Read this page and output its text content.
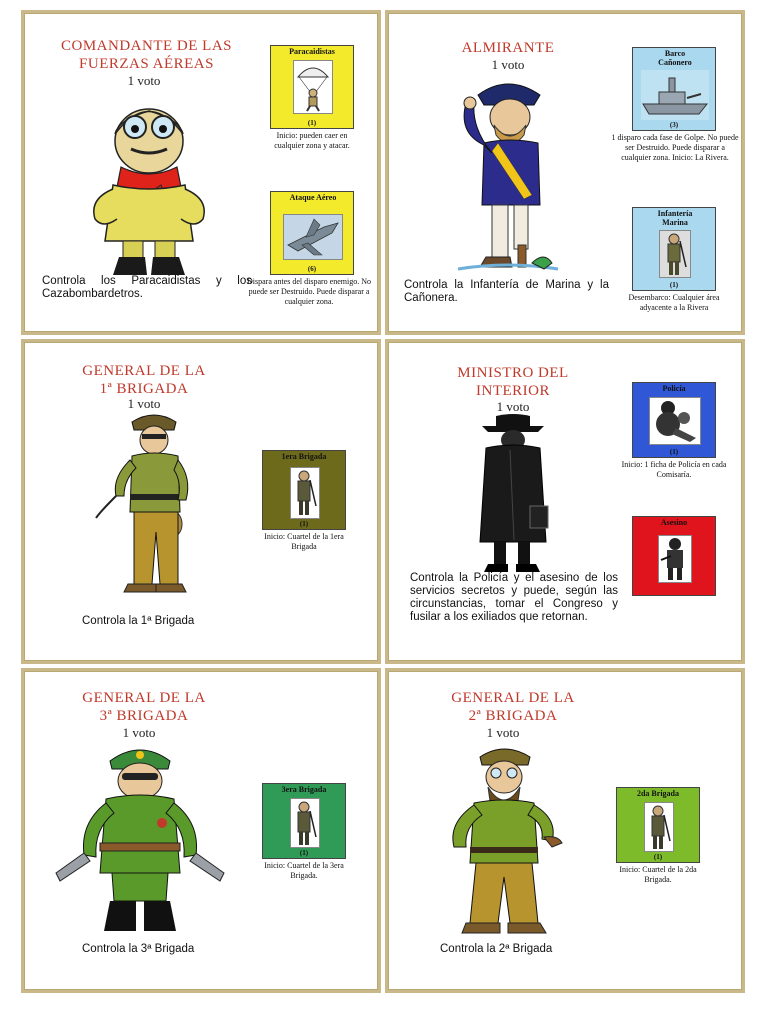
COMANDANTE DE LAS
FUERZAS AÉREAS
1 voto
Controla los Paracaidistas y los Cazabombardetros.
Paracaidistas
(1)
Inicio: pueden caer en cualquier zona y atacar.
Ataque Aéreo
(6)
Dispara antes del disparo enemigo. No puede ser Destruido. Puede disparar a cualquier zona.
ALMIRANTE
1 voto
Controla la Infantería de Marina y la Cañonera.
Barco Cañonero
(3)
1 disparo cada fase de Golpe. No puede ser Destruido. Puede disparar a cualquier zona. Inicio: La Rivera.
Infantería Marina
(1)
Desembarco: Cualquier área adyacente a la Rivera
GENERAL DE LA
1ª BRIGADA
1 voto
Controla la 1ª Brigada
1era Brigada
(1)
Inicio: Cuartel de la 1era Brigada
MINISTRO DEL
INTERIOR
1 voto
Controla la Policía y el asesino de los servicios secretos y puede, según las circunstancias, tomar el Congreso y fusilar a los exiliados que retornan.
Policía
(1)
Inicio: 1 ficha de Policía en cada Comisaría.
Asesino
GENERAL DE LA
3ª BRIGADA
1 voto
Controla la 3ª Brigada
3era Brigada
(1)
Inicio: Cuartel de la 3era Brigada.
GENERAL DE LA
2ª BRIGADA
1 voto
Controla la 2ª Brigada
2da Brigada
(1)
Inicio: Cuartel de la 2da Brigada.
